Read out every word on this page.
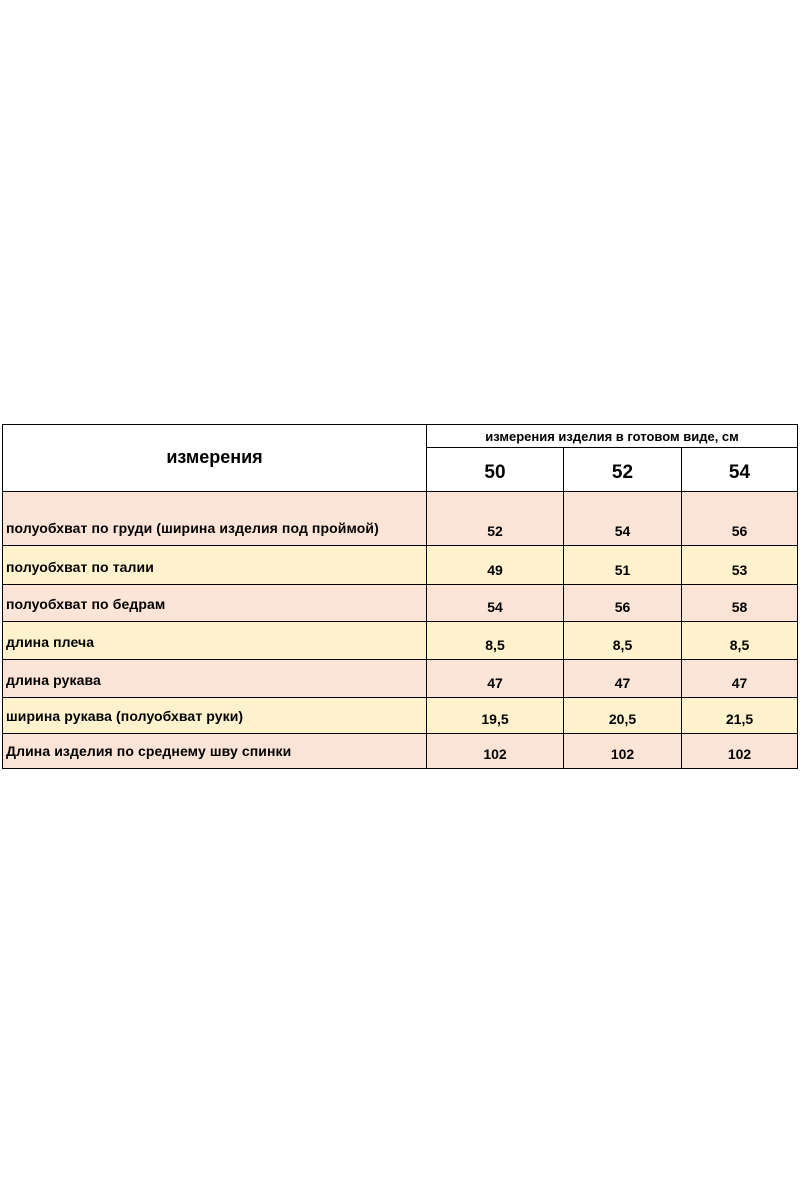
измерения
измерения изделия в готовом виде, см
50	52	54
полуобхват по груди (ширина изделия под проймой)	52	54	56
полуобхват по талии	49	51	53
полуобхват по бедрам	54	56	58
длина плеча	8,5	8,5	8,5
длина рукава	47	47	47
ширина рукава (полуобхват руки)	19,5	20,5	21,5
Длина изделия по среднему шву спинки	102	102	102
